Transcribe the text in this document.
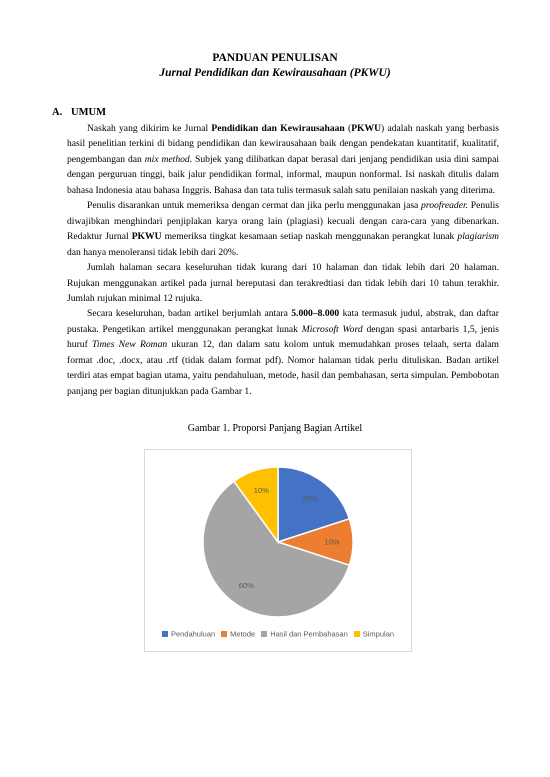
PANDUAN PENULISAN
Jurnal Pendidikan dan Kewirausahaan (PKWU)
A. UMUM

Naskah yang dikirim ke Jurnal Pendidikan dan Kewirausahaan (PKWU) adalah naskah yang berbasis hasil penelitian terkini di bidang pendidikan dan kewirausahaan baik dengan pendekatan kuantitatif, kualitatif, pengembangan dan mix method. Subjek yang dilibatkan dapat berasal dari jenjang pendidikan usia dini sampai dengan perguruan tinggi, baik jalur pendidikan formal, informal, maupun nonformal. Isi naskah ditulis dalam bahasa Indonesia atau bahasa Inggris. Bahasa dan tata tulis termasuk salah satu penilaian naskah yang diterima.

Penulis disarankan untuk memeriksa dengan cermat dan jika perlu menggunakan jasa proofreader. Penulis diwajibkan menghindari penjiplakan karya orang lain (plagiasi) kecuali dengan cara-cara yang dibenarkan. Redaktur Jurnal PKWU memeriksa tingkat kesamaan setiap naskah menggunakan perangkat lunak plagiarism dan hanya menoleransi tidak lebih dari 20%.

Jumlah halaman secara keseluruhan tidak kurang dari 10 halaman dan tidak lebih dari 20 halaman. Rujukan menggunakan artikel pada jurnal bereputasi dan terakredtiasi dan tidak lebih dari 10 tahun terakhir. Jumlah rujukan minimal 12 rujuka.

Secara keseluruhan, badan artikel berjumlah antara 5.000–8.000 kata termasuk judul, abstrak, dan daftar pustaka. Pengetikan artikel menggunakan perangkat lunak Microsoft Word dengan spasi antarbaris 1,5, jenis huruf Times New Roman ukuran 12, dan dalam satu kolom untuk memudahkan proses telaah, serta dalam format .doc, .docx, atau .rtf (tidak dalam format pdf). Nomor halaman tidak perlu dituliskan. Badan artikel terdiri atas empat bagian utama, yaitu pendahuluan, metode, hasil dan pembahasan, serta simpulan. Pembobotan panjang per bagian ditunjukkan pada Gambar 1.

Gambar 1. Proporsi Panjang Bagian Artikel
20%
10%
60%
10%
Pendahuluan Metode Hasil dan Pembahasan Simpulan
